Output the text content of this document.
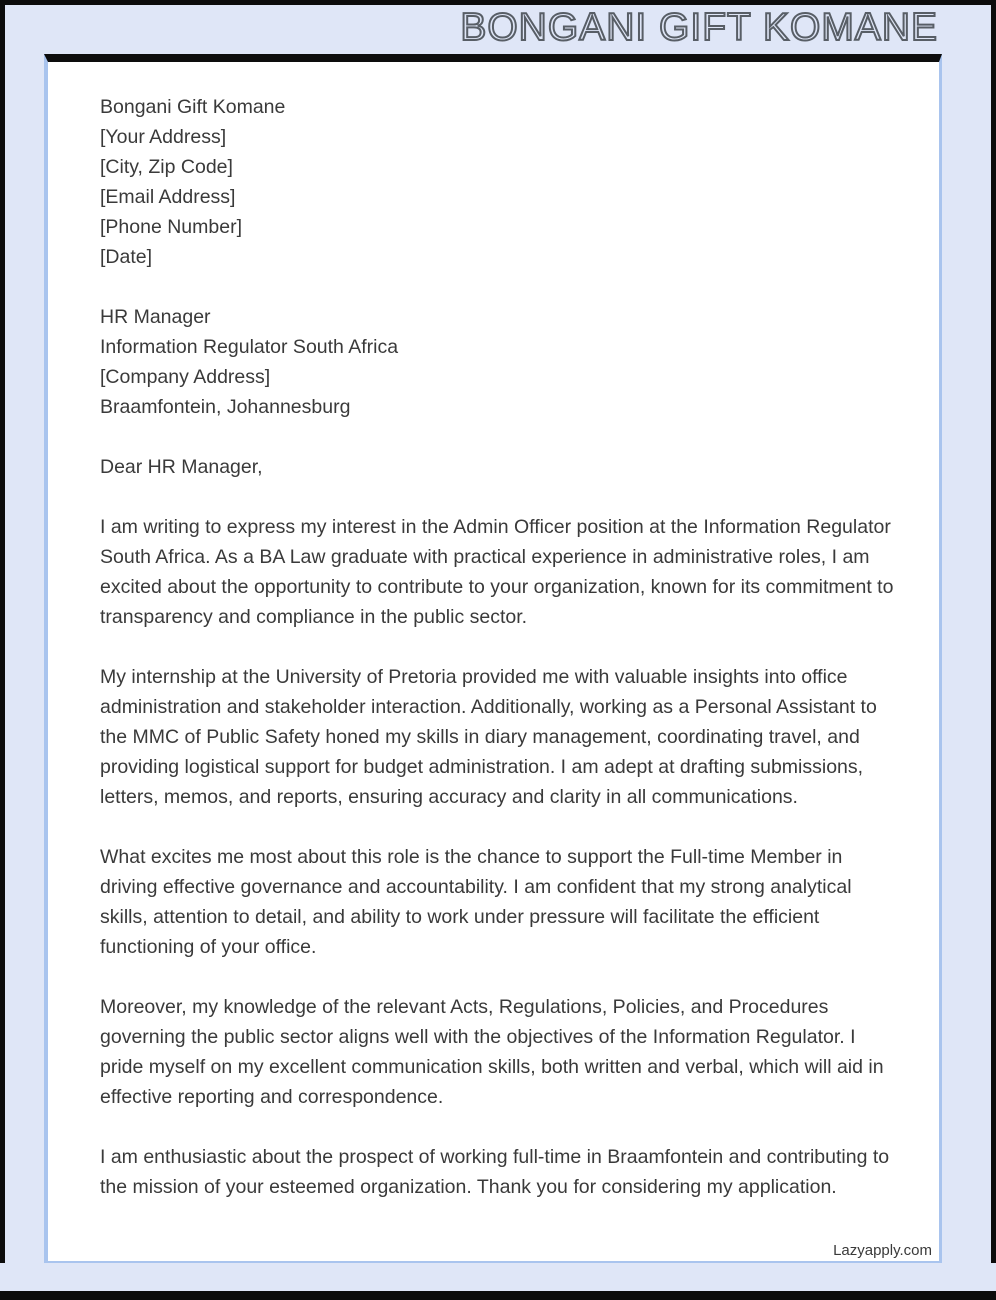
BONGANI GIFT KOMANE
Bongani Gift Komane
[Your Address]
[City, Zip Code]
[Email Address]
[Phone Number]
[Date]
HR Manager
Information Regulator South Africa
[Company Address]
Braamfontein, Johannesburg
Dear HR Manager,

I am writing to express my interest in the Admin Officer position at the Information Regulator South Africa. As a BA Law graduate with practical experience in administrative roles, I am excited about the opportunity to contribute to your organization, known for its commitment to transparency and compliance in the public sector.

My internship at the University of Pretoria provided me with valuable insights into office administration and stakeholder interaction. Additionally, working as a Personal Assistant to the MMC of Public Safety honed my skills in diary management, coordinating travel, and providing logistical support for budget administration. I am adept at drafting submissions, letters, memos, and reports, ensuring accuracy and clarity in all communications.

What excites me most about this role is the chance to support the Full-time Member in driving effective governance and accountability. I am confident that my strong analytical skills, attention to detail, and ability to work under pressure will facilitate the efficient functioning of your office.

Moreover, my knowledge of the relevant Acts, Regulations, Policies, and Procedures governing the public sector aligns well with the objectives of the Information Regulator. I pride myself on my excellent communication skills, both written and verbal, which will aid in effective reporting and correspondence.

I am enthusiastic about the prospect of working full-time in Braamfontein and contributing to the mission of your esteemed organization. Thank you for considering my application.

Lazyapply.com
